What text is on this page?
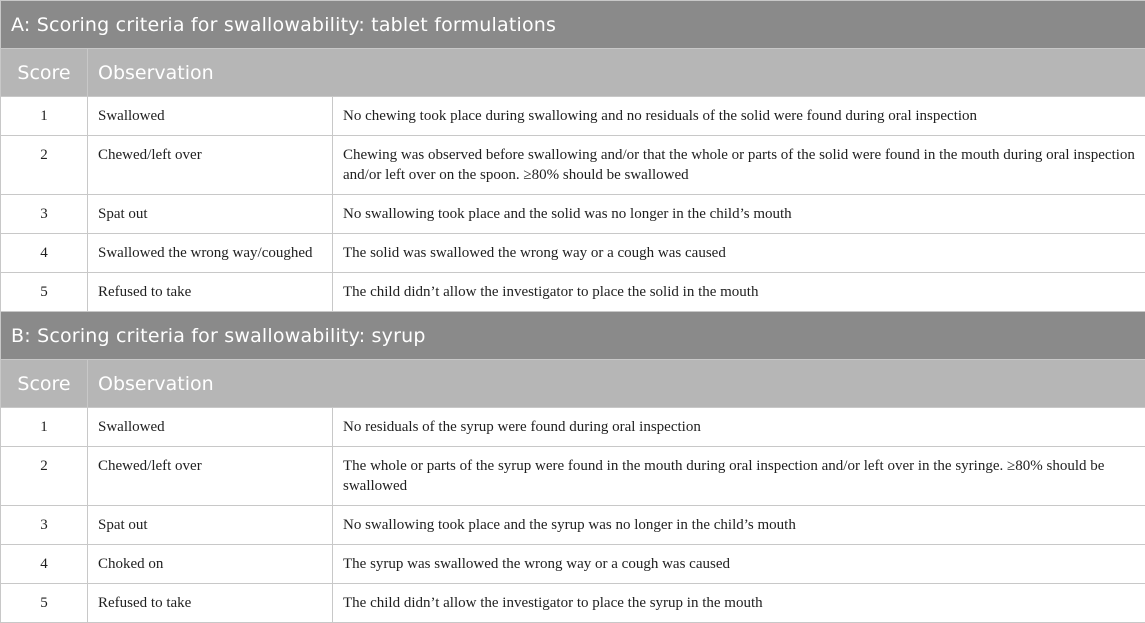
A: Scoring criteria for swallowability: tablet formulations		
Score	Observation	
1	Swallowed	No chewing took place during swallowing and no residuals of the solid were found during oral inspection
2	Chewed/left over	Chewing was observed before swallowing and/or that the whole or parts of the solid were found in the mouth during oral inspection and/or left over on the spoon. ≥80% should be swallowed
3	Spat out	No swallowing took place and the solid was no longer in the child’s mouth
4	Swallowed the wrong way/coughed	The solid was swallowed the wrong way or a cough was caused
5	Refused to take	The child didn’t allow the investigator to place the solid in the mouth
B: Scoring criteria for swallowability: syrup		
Score	Observation	
1	Swallowed	No residuals of the syrup were found during oral inspection
2	Chewed/left over	The whole or parts of the syrup were found in the mouth during oral inspection and/or left over in the syringe. ≥80% should be swallowed
3	Spat out	No swallowing took place and the syrup was no longer in the child’s mouth
4	Choked on	The syrup was swallowed the wrong way or a cough was caused
5	Refused to take	The child didn’t allow the investigator to place the syrup in the mouth
